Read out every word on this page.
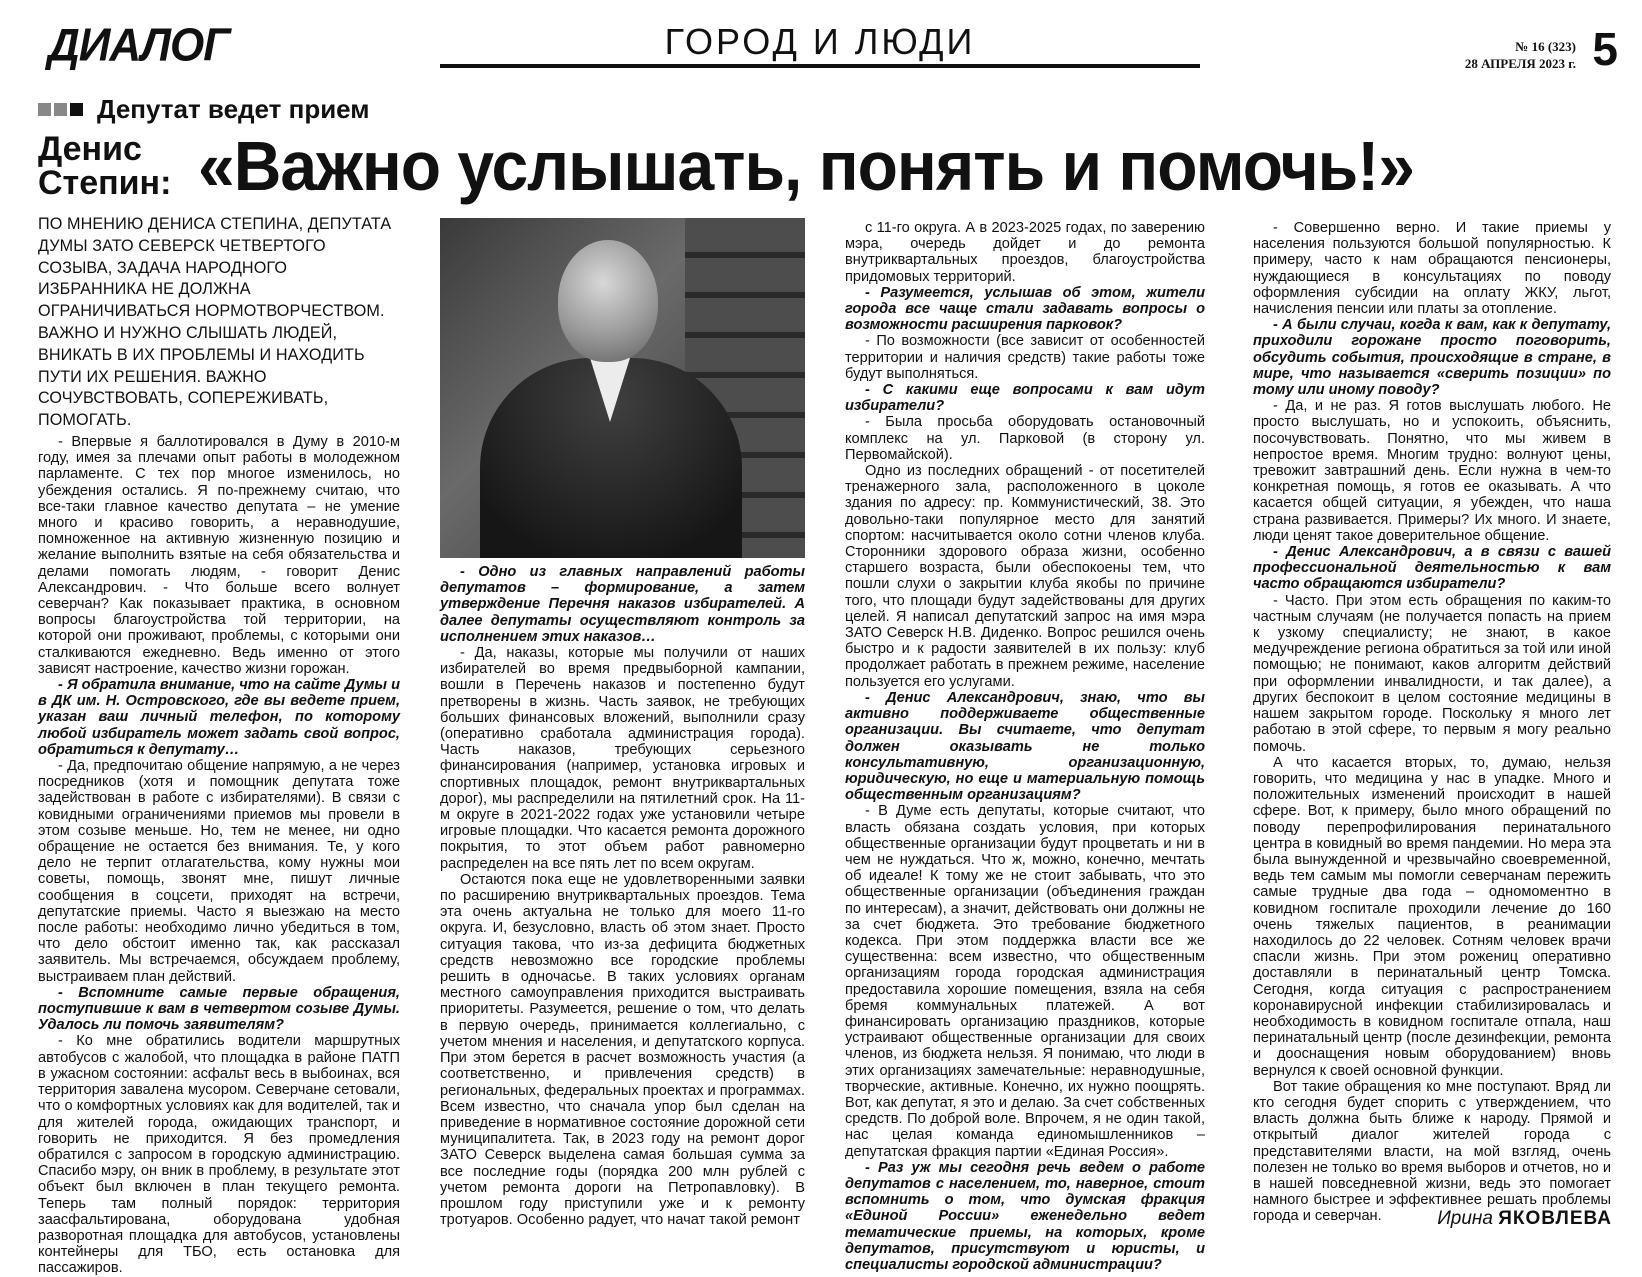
ДИАЛОГ	ГОРОД И ЛЮДИ	№ 16 (323)
28 АПРЕЛЯ 2023 г. 5
Депутат ведет прием
Денис
Степин: «Важно услышать, понять и помочь!»

ПО МНЕНИЮ ДЕНИСА СТЕПИНА, ДЕПУТАТА ДУМЫ ЗАТО СЕВЕРСК ЧЕТВЕРТОГО СОЗЫВА, ЗАДАЧА НАРОДНОГО ИЗБРАННИКА НЕ ДОЛЖНА ОГРАНИЧИВАТЬСЯ НОРМОТВОРЧЕСТВОМ. ВАЖНО И НУЖНО СЛЫШАТЬ ЛЮДЕЙ, ВНИКАТЬ В ИХ ПРОБЛЕМЫ И НАХОДИТЬ ПУТИ ИХ РЕШЕНИЯ. ВАЖНО СОЧУВСТВОВАТЬ, СОПЕРЕЖИВАТЬ, ПОМОГАТЬ.

- Впервые я баллотировался в Думу в 2010-м году, имея за плечами опыт работы в молодежном парламенте. С тех пор многое изменилось, но убеждения остались. Я по-прежнему считаю, что все-таки главное качество депутата – не умение много и красиво говорить, а неравнодушие, помноженное на активную жизненную позицию и желание выполнить взятые на себя обязательства и делами помогать людям, - говорит Денис Александрович. - Что больше всего волнует северчан? Как показывает практика, в основном вопросы благоустройства той территории, на которой они проживают, проблемы, с которыми они сталкиваются ежедневно. Ведь именно от этого зависят настроение, качество жизни горожан.

- Я обратила внимание, что на сайте Думы и в ДК им. Н. Островского, где вы ведете прием, указан ваш личный телефон, по которому любой избиратель может задать свой вопрос, обратиться к депутату…

- Да, предпочитаю общение напрямую, а не через посредников (хотя и помощник депутата тоже задействован в работе с избирателями). В связи с ковидными ограничениями приемов мы провели в этом созыве меньше. Но, тем не менее, ни одно обращение не остается без внимания. Те, у кого дело не терпит отлагательства, кому нужны мои советы, помощь, звонят мне, пишут личные сообщения в соцсети, приходят на встречи, депутатские приемы. Часто я выезжаю на место после работы: необходимо лично убедиться в том, что дело обстоит именно так, как рассказал заявитель. Мы встречаемся, обсуждаем проблему, выстраиваем план действий.

- Вспомните самые первые обращения, поступившие к вам в четвертом созыве Думы. Удалось ли помочь заявителям?

- Ко мне обратились водители маршрутных автобусов с жалобой, что площадка в районе ПАТП в ужасном состоянии: асфальт весь в выбоинах, вся территория завалена мусором. Северчане сетовали, что о комфортных условиях как для водителей, так и для жителей города, ожидающих транспорт, и говорить не приходится. Я без промедления обратился с запросом в городскую администрацию. Спасибо мэру, он вник в проблему, в результате этот объект был включен в план текущего ремонта. Теперь там полный порядок: территория заасфальтирована, оборудована удобная разворотная площадка для автобусов, установлены контейнеры для ТБО, есть остановка для пассажиров.

- Одно из главных направлений работы депутатов – формирование, а затем утверждение Перечня наказов избирателей. А далее депутаты осуществляют контроль за исполнением этих наказов…

- Да, наказы, которые мы получили от наших избирателей во время предвыборной кампании, вошли в Перечень наказов и постепенно будут претворены в жизнь. Часть заявок, не требующих больших финансовых вложений, выполнили сразу (оперативно сработала администрация города). Часть наказов, требующих серьезного финансирования (например, установка игровых и спортивных площадок, ремонт внутриквартальных дорог), мы распределили на пятилетний срок. На 11-м округе в 2021-2022 годах уже установили четыре игровые площадки. Что касается ремонта дорожного покрытия, то этот объем работ равномерно распределен на все пять лет по всем округам.

Остаются пока еще не удовлетворенными заявки по расширению внутриквартальных проездов. Тема эта очень актуальна не только для моего 11-го округа. И, безусловно, власть об этом знает. Просто ситуация такова, что из-за дефицита бюджетных средств невозможно все городские проблемы решить в одночасье. В таких условиях органам местного самоуправления приходится выстраивать приоритеты. Разумеется, решение о том, что делать в первую очередь, принимается коллегиально, с учетом мнения и населения, и депутатского корпуса. При этом берется в расчет возможность участия (а соответственно, и привлечения средств) в региональных, федеральных проектах и программах. Всем известно, что сначала упор был сделан на приведение в нормативное состояние дорожной сети муниципалитета. Так, в 2023 году на ремонт дорог ЗАТО Северск выделена самая большая сумма за все последние годы (порядка 200 млн рублей с учетом ремонта дороги на Петропавловку). В прошлом году приступили уже и к ремонту тротуаров. Особенно радует, что начат такой ремонт

с 11-го округа. А в 2023-2025 годах, по заверению мэра, очередь дойдет и до ремонта внутриквартальных проездов, благоустройства придомовых территорий.

- Разумеется, услышав об этом, жители города все чаще стали задавать вопросы о возможности расширения парковок?

- По возможности (все зависит от особенностей территории и наличия средств) такие работы тоже будут выполняться.

- С какими еще вопросами к вам идут избиратели?

- Была просьба оборудовать остановочный комплекс на ул. Парковой (в сторону ул. Первомайской).

Одно из последних обращений - от посетителей тренажерного зала, расположенного в цоколе здания по адресу: пр. Коммунистический, 38. Это довольно-таки популярное место для занятий спортом: насчитывается около сотни членов клуба. Сторонники здорового образа жизни, особенно старшего возраста, были обеспокоены тем, что пошли слухи о закрытии клуба якобы по причине того, что площади будут задействованы для других целей. Я написал депутатский запрос на имя мэра ЗАТО Северск Н.В. Диденко. Вопрос решился очень быстро и к радости заявителей в их пользу: клуб продолжает работать в прежнем режиме, население пользуется его услугами.

- Денис Александрович, знаю, что вы активно поддерживаете общественные организации. Вы считаете, что депутат должен оказывать не только консультативную, организационную, юридическую, но еще и материальную помощь общественным организациям?

- В Думе есть депутаты, которые считают, что власть обязана создать условия, при которых общественные организации будут процветать и ни в чем не нуждаться. Что ж, можно, конечно, мечтать об идеале! К тому же не стоит забывать, что это общественные организации (объединения граждан по интересам), а значит, действовать они должны не за счет бюджета. Это требование бюджетного кодекса. При этом поддержка власти все же существенна: всем известно, что общественным организациям города городская администрация предоставила хорошие помещения, взяла на себя бремя коммунальных платежей. А вот финансировать организацию праздников, которые устраивают общественные организации для своих членов, из бюджета нельзя. Я понимаю, что люди в этих организациях замечательные: неравнодушные, творческие, активные. Конечно, их нужно поощрять. Вот, как депутат, я это и делаю. За счет собственных средств. По доброй воле. Впрочем, я не один такой, нас целая команда единомышленников – депутатская фракция партии «Единая Россия».

- Раз уж мы сегодня речь ведем о работе депутатов с населением, то, наверное, стоит вспомнить о том, что думская фракция «Единой России» еженедельно ведет тематические приемы, на которых, кроме депутатов, присутствуют и юристы, и специалисты городской администрации?

- Совершенно верно. И такие приемы у населения пользуются большой популярностью. К примеру, часто к нам обращаются пенсионеры, нуждающиеся в консультациях по поводу оформления субсидии на оплату ЖКУ, льгот, начисления пенсии или платы за отопление.

- А были случаи, когда к вам, как к депутату, приходили горожане просто поговорить, обсудить события, происходящие в стране, в мире, что называется «сверить позиции» по тому или иному поводу?

- Да, и не раз. Я готов выслушать любого. Не просто выслушать, но и успокоить, объяснить, посочувствовать. Понятно, что мы живем в непростое время. Многим трудно: волнуют цены, тревожит завтрашний день. Если нужна в чем-то конкретная помощь, я готов ее оказывать. А что касается общей ситуации, я убежден, что наша страна развивается. Примеры? Их много. И знаете, люди ценят такое доверительное общение.

- Денис Александрович, а в связи с вашей профессиональной деятельностью к вам часто обращаются избиратели?

- Часто. При этом есть обращения по каким-то частным случаям (не получается попасть на прием к узкому специалисту; не знают, в какое медучреждение региона обратиться за той или иной помощью; не понимают, каков алгоритм действий при оформлении инвалидности, и так далее), а других беспокоит в целом состояние медицины в нашем закрытом городе. Поскольку я много лет работаю в этой сфере, то первым я могу реально помочь.

А что касается вторых, то, думаю, нельзя говорить, что медицина у нас в упадке. Много и положительных изменений происходит в нашей сфере. Вот, к примеру, было много обращений по поводу перепрофилирования перинатального центра в ковидный во время пандемии. Но мера эта была вынужденной и чрезвычайно своевременной, ведь тем самым мы помогли северчанам пережить самые трудные два года – одномоментно в ковидном госпитале проходили лечение до 160 очень тяжелых пациентов, в реанимации находилось до 22 человек. Сотням человек врачи спасли жизнь. При этом рожениц оперативно доставляли в перинатальный центр Томска. Сегодня, когда ситуация с распространением коронавирусной инфекции стабилизировалась и необходимость в ковидном госпитале отпала, наш перинатальный центр (после дезинфекции, ремонта и дооснащения новым оборудованием) вновь вернулся к своей основной функции.

Вот такие обращения ко мне поступают. Вряд ли кто сегодня будет спорить с утверждением, что власть должна быть ближе к народу. Прямой и открытый диалог жителей города с представителями власти, на мой взгляд, очень полезен не только во время выборов и отчетов, но и в нашей повседневной жизни, ведь это помогает намного быстрее и эффективнее решать проблемы города и северчан.	Ирина ЯКОВЛЕВА
